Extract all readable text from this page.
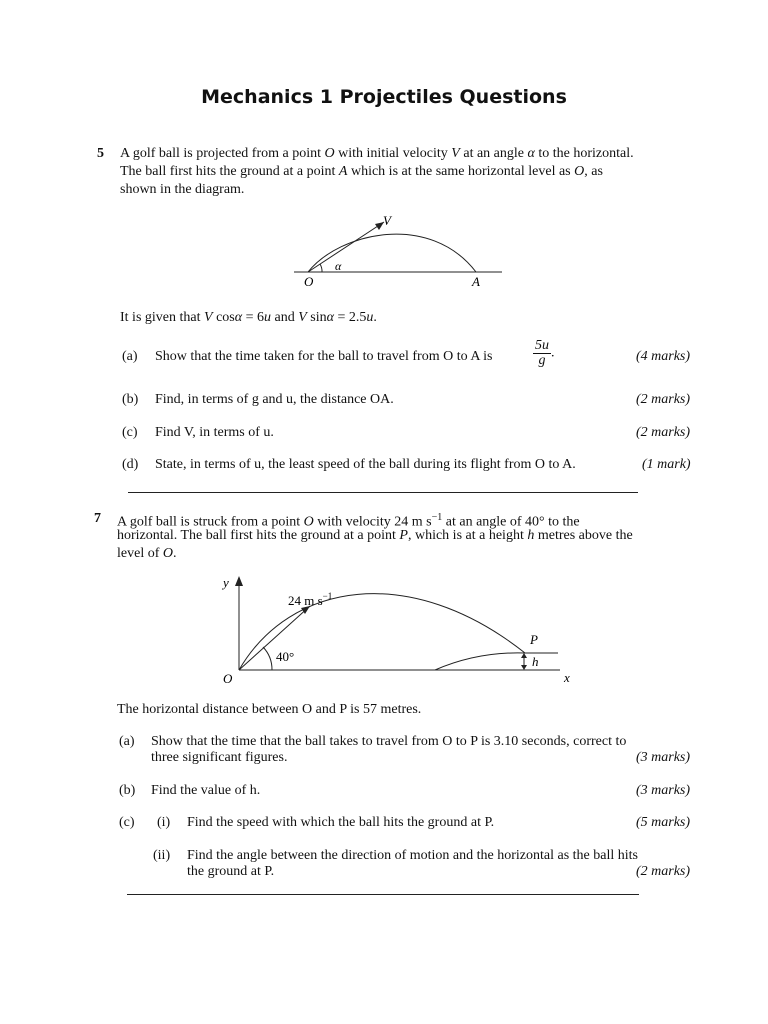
Mechanics 1 Projectiles Questions
5 A golf ball is projected from a point O with initial velocity V at an angle α to the horizontal.
The ball first hits the ground at a point A which is at the same horizontal level as O, as
shown in the diagram.
V
α
O	A
It is given that V cosα = 6u and V sinα = 2.5u.
(a) Show that the time taken for the ball to travel from O to A is	$\frac{5u}{g}$ .	(4 marks)
(b) Find, in terms of g and u, the distance OA.	(2 marks)
(c) Find V, in terms of u.	(2 marks)
(d) State, in terms of u, the least speed of the ball during its flight from O to A.	(1 mark)
7 A golf ball is struck from a point O with velocity 24 m $s^{-1}$ at an angle of 40° to the
horizontal. The ball first hits the ground at a point P, which is at a height h metres above the
level of O.
y
x
O
P
h
24 m $s^{-1}$
40°
The horizontal distance between O and P is 57 metres.
(a) Show that the time that the ball takes to travel from O to P is 3.10 seconds, correct to
three significant figures.	(3 marks)
(b) Find the value of h.	(3 marks)
(c) (i) Find the speed with which the ball hits the ground at P.	(5 marks)
(ii) Find the angle between the direction of motion and the horizontal as the ball hits
the ground at P.	(2 marks)
